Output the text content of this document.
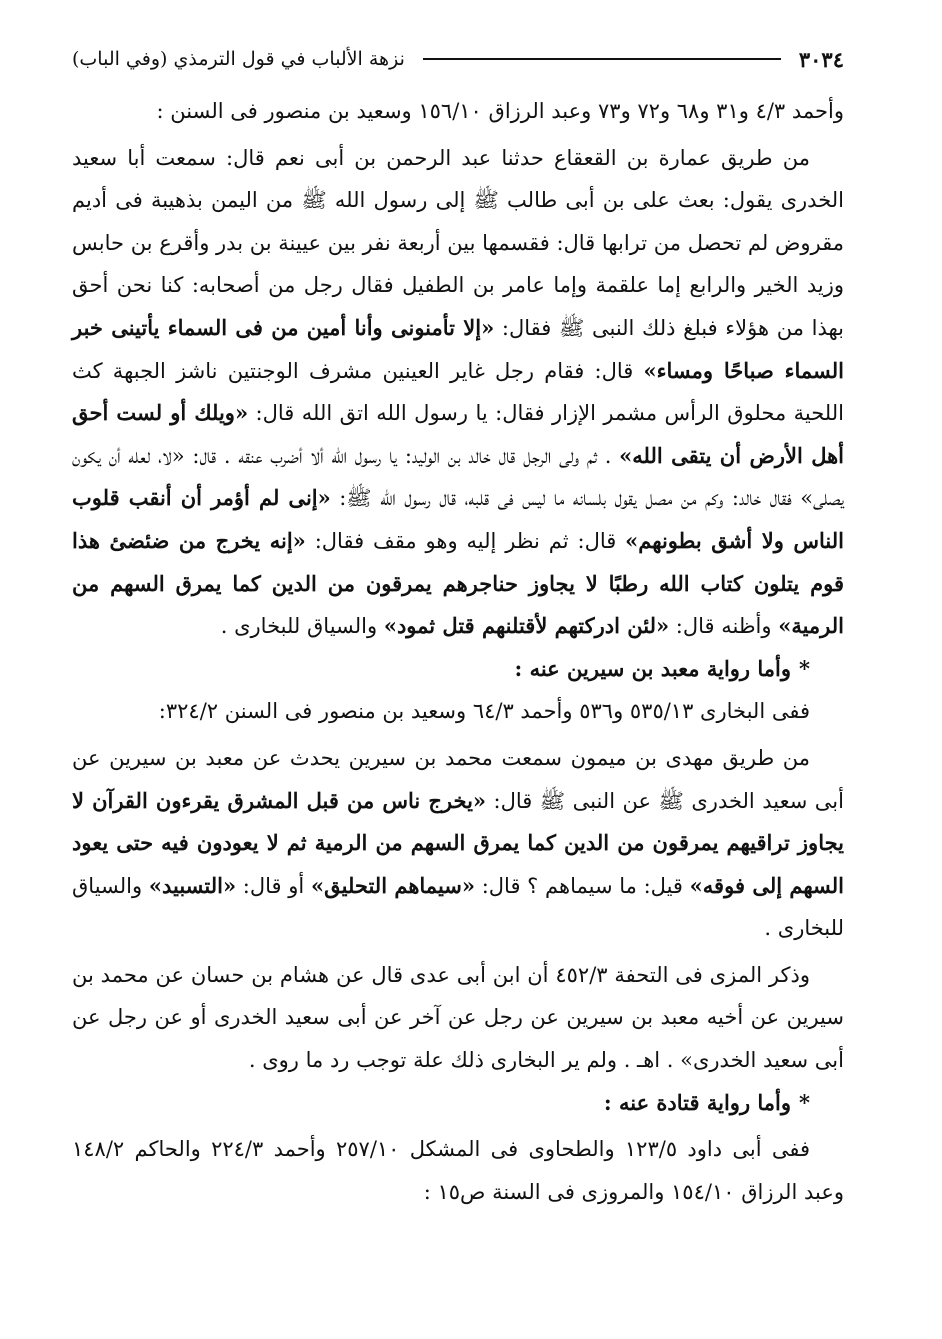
٣٠٣٤
نزهة الألباب في قول الترمذي (وفي الباب)

وأحمد ٤/٣ و٣١ و٦٨ و٧٢ و٧٣ وعبد الرزاق ١٥٦/١٠ وسعيد بن منصور فى السنن :

من طريق عمارة بن القعقاع حدثنا عبد الرحمن بن أبى نعم قال: سمعت أبا سعيد الخدرى يقول: بعث على بن أبى طالب ﷺ إلى رسول الله ﷺ من اليمن بذهيبة فى أديم مقروض لم تحصل من ترابها قال: فقسمها بين أربعة نفر بين عيينة بن بدر وأقرع بن حابس وزيد الخير والرابع إما علقمة وإما عامر بن الطفيل فقال رجل من أصحابه: كنا نحن أحق بهذا من هؤلاء فبلغ ذلك النبى ﷺ فقال: «إلا تأمنونى وأنا أمين من فى السماء يأتينى خبر السماء صباحًا ومساء» قال: فقام رجل غاير العينين مشرف الوجنتين ناشز الجبهة كث اللحية محلوق الرأس مشمر الإزار فقال: يا رسول الله اتق الله قال: «ويلك أو لست أحق أهل الأرض أن يتقى الله» . ثم ولى الرجل قال خالد بن الوليد: يا رسول الله ألا أضرب عنقه . قال: «لا، لعله أن يكون يصلى» فقال خالد: وكم من مصل يقول بلسانه ما ليس فى قلبه، قال رسول الله ﷺ: «إنى لم أؤمر أن أنقب قلوب الناس ولا أشق بطونهم» قال: ثم نظر إليه وهو مقف فقال: «إنه يخرج من ضئضئ هذا قوم يتلون كتاب الله رطبًا لا يجاوز حناجرهم يمرقون من الدين كما يمرق السهم من الرمية» وأظنه قال: «لئن ادركتهم لأقتلنهم قتل ثمود» والسياق للبخارى .

*وأما رواية معبد بن سيرين عنه :

ففى البخارى ٥٣٥/١٣ و٥٣٦ وأحمد ٦٤/٣ وسعيد بن منصور فى السنن ٣٢٤/٢:

من طريق مهدى بن ميمون سمعت محمد بن سيرين يحدث عن معبد بن سيرين عن أبى سعيد الخدرى ﷺ عن النبى ﷺ قال: «يخرج ناس من قبل المشرق يقرءون القرآن لا يجاوز تراقيهم يمرقون من الدين كما يمرق السهم من الرمية ثم لا يعودون فيه حتى يعود السهم إلى فوقه» قيل: ما سيماهم ؟ قال: «سيماهم التحليق» أو قال: «التسبيد» والسياق للبخارى .

وذكر المزى فى التحفة ٤٥٢/٣ أن ابن أبى عدى قال عن هشام بن حسان عن محمد بن سيرين عن أخيه معبد بن سيرين عن رجل عن آخر عن أبى سعيد الخدرى أو عن رجل عن أبى سعيد الخدرى» . اهـ . ولم ير البخارى ذلك علة توجب رد ما روى .

*وأما رواية قتادة عنه :

ففى أبى داود ١٢٣/٥ والطحاوى فى المشكل ٢٥٧/١٠ وأحمد ٢٢٤/٣ والحاكم ١٤٨/٢ وعبد الرزاق ١٥٤/١٠ والمروزى فى السنة ص١٥ :
